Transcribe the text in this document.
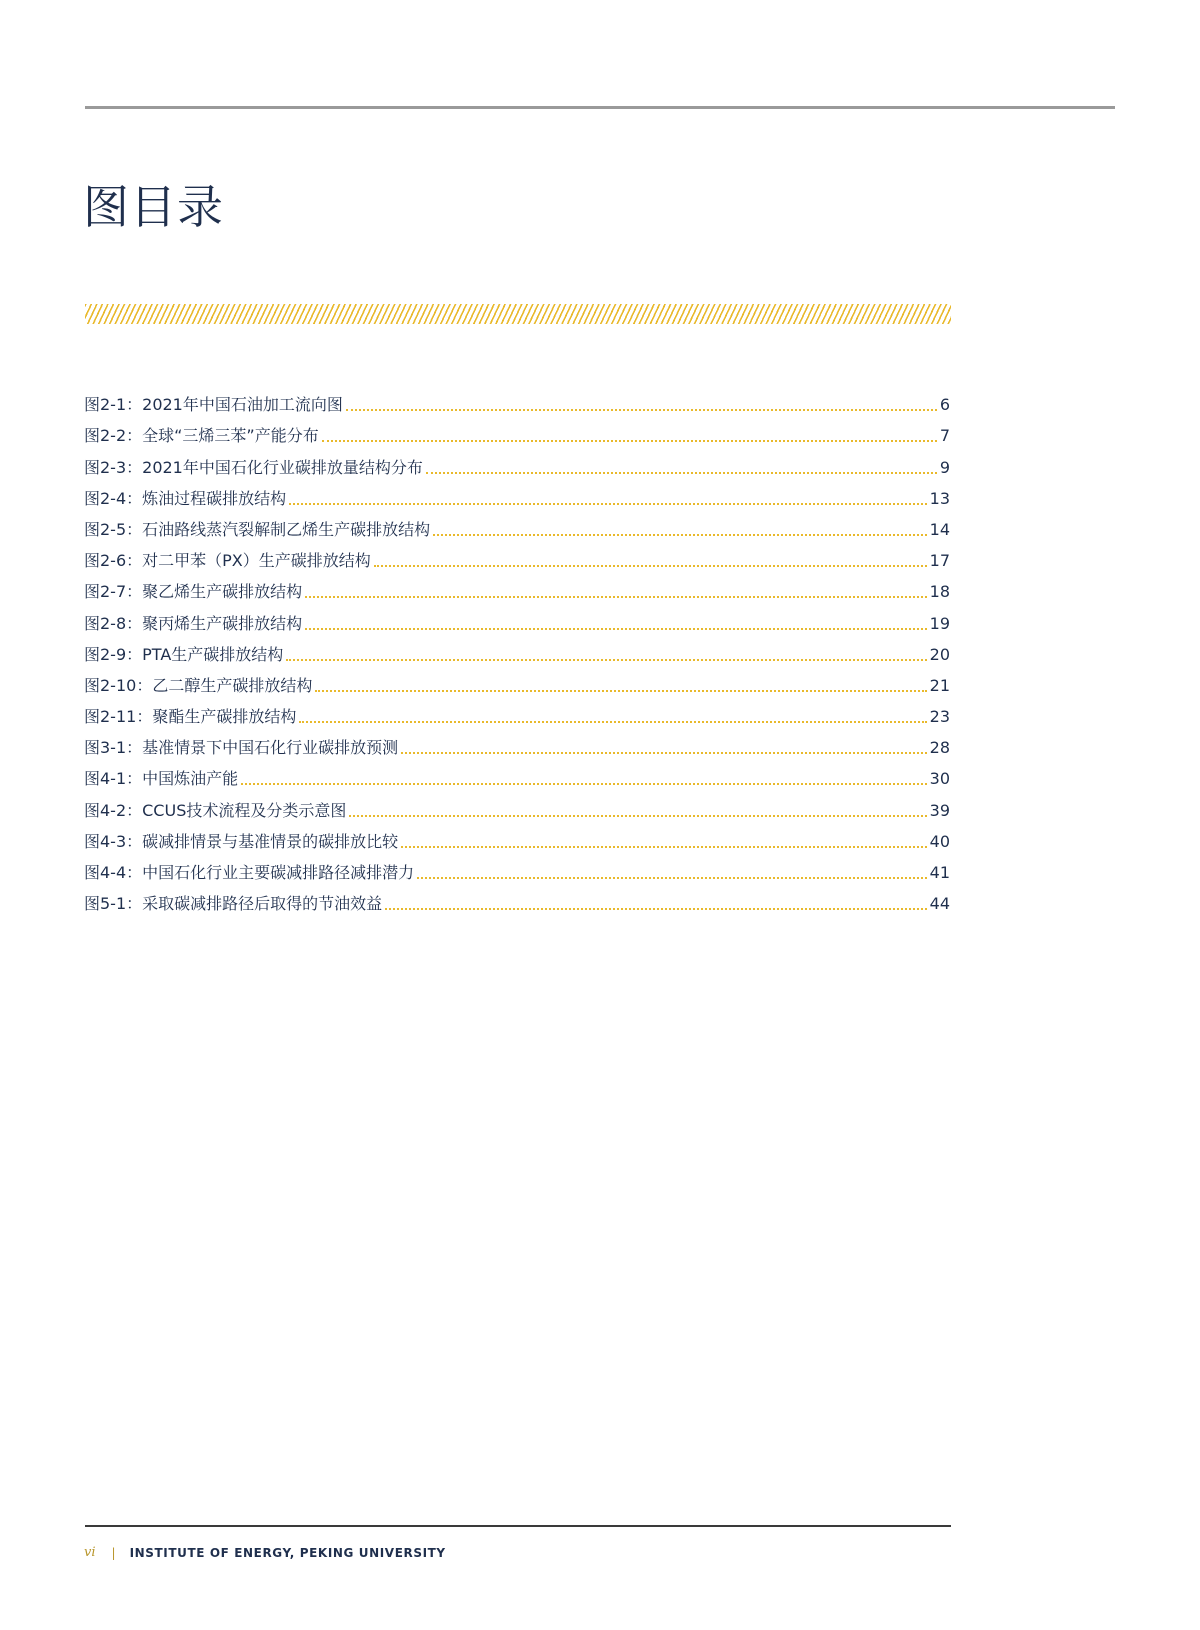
图目录
图2-1：2021年中国石油加工流向图	6
图2-2：全球“三烯三苯”产能分布	7
图2-3：2021年中国石化行业碳排放量结构分布	9
图2-4：炼油过程碳排放结构	13
图2-5：石油路线蒸汽裂解制乙烯生产碳排放结构	14
图2-6：对二甲苯（PX）生产碳排放结构	17
图2-7：聚乙烯生产碳排放结构	18
图2-8：聚丙烯生产碳排放结构	19
图2-9：PTA生产碳排放结构	20
图2-10：乙二醇生产碳排放结构	21
图2-11：聚酯生产碳排放结构	23
图3-1：基准情景下中国石化行业碳排放预测	28
图4-1：中国炼油产能	30
图4-2：CCUS技术流程及分类示意图	39
图4-3：碳减排情景与基准情景的碳排放比较	40
图4-4：中国石化行业主要碳减排路径减排潜力	41
图5-1：采取碳减排路径后取得的节油效益	44
vi | INSTITUTE OF ENERGY, PEKING UNIVERSITY
